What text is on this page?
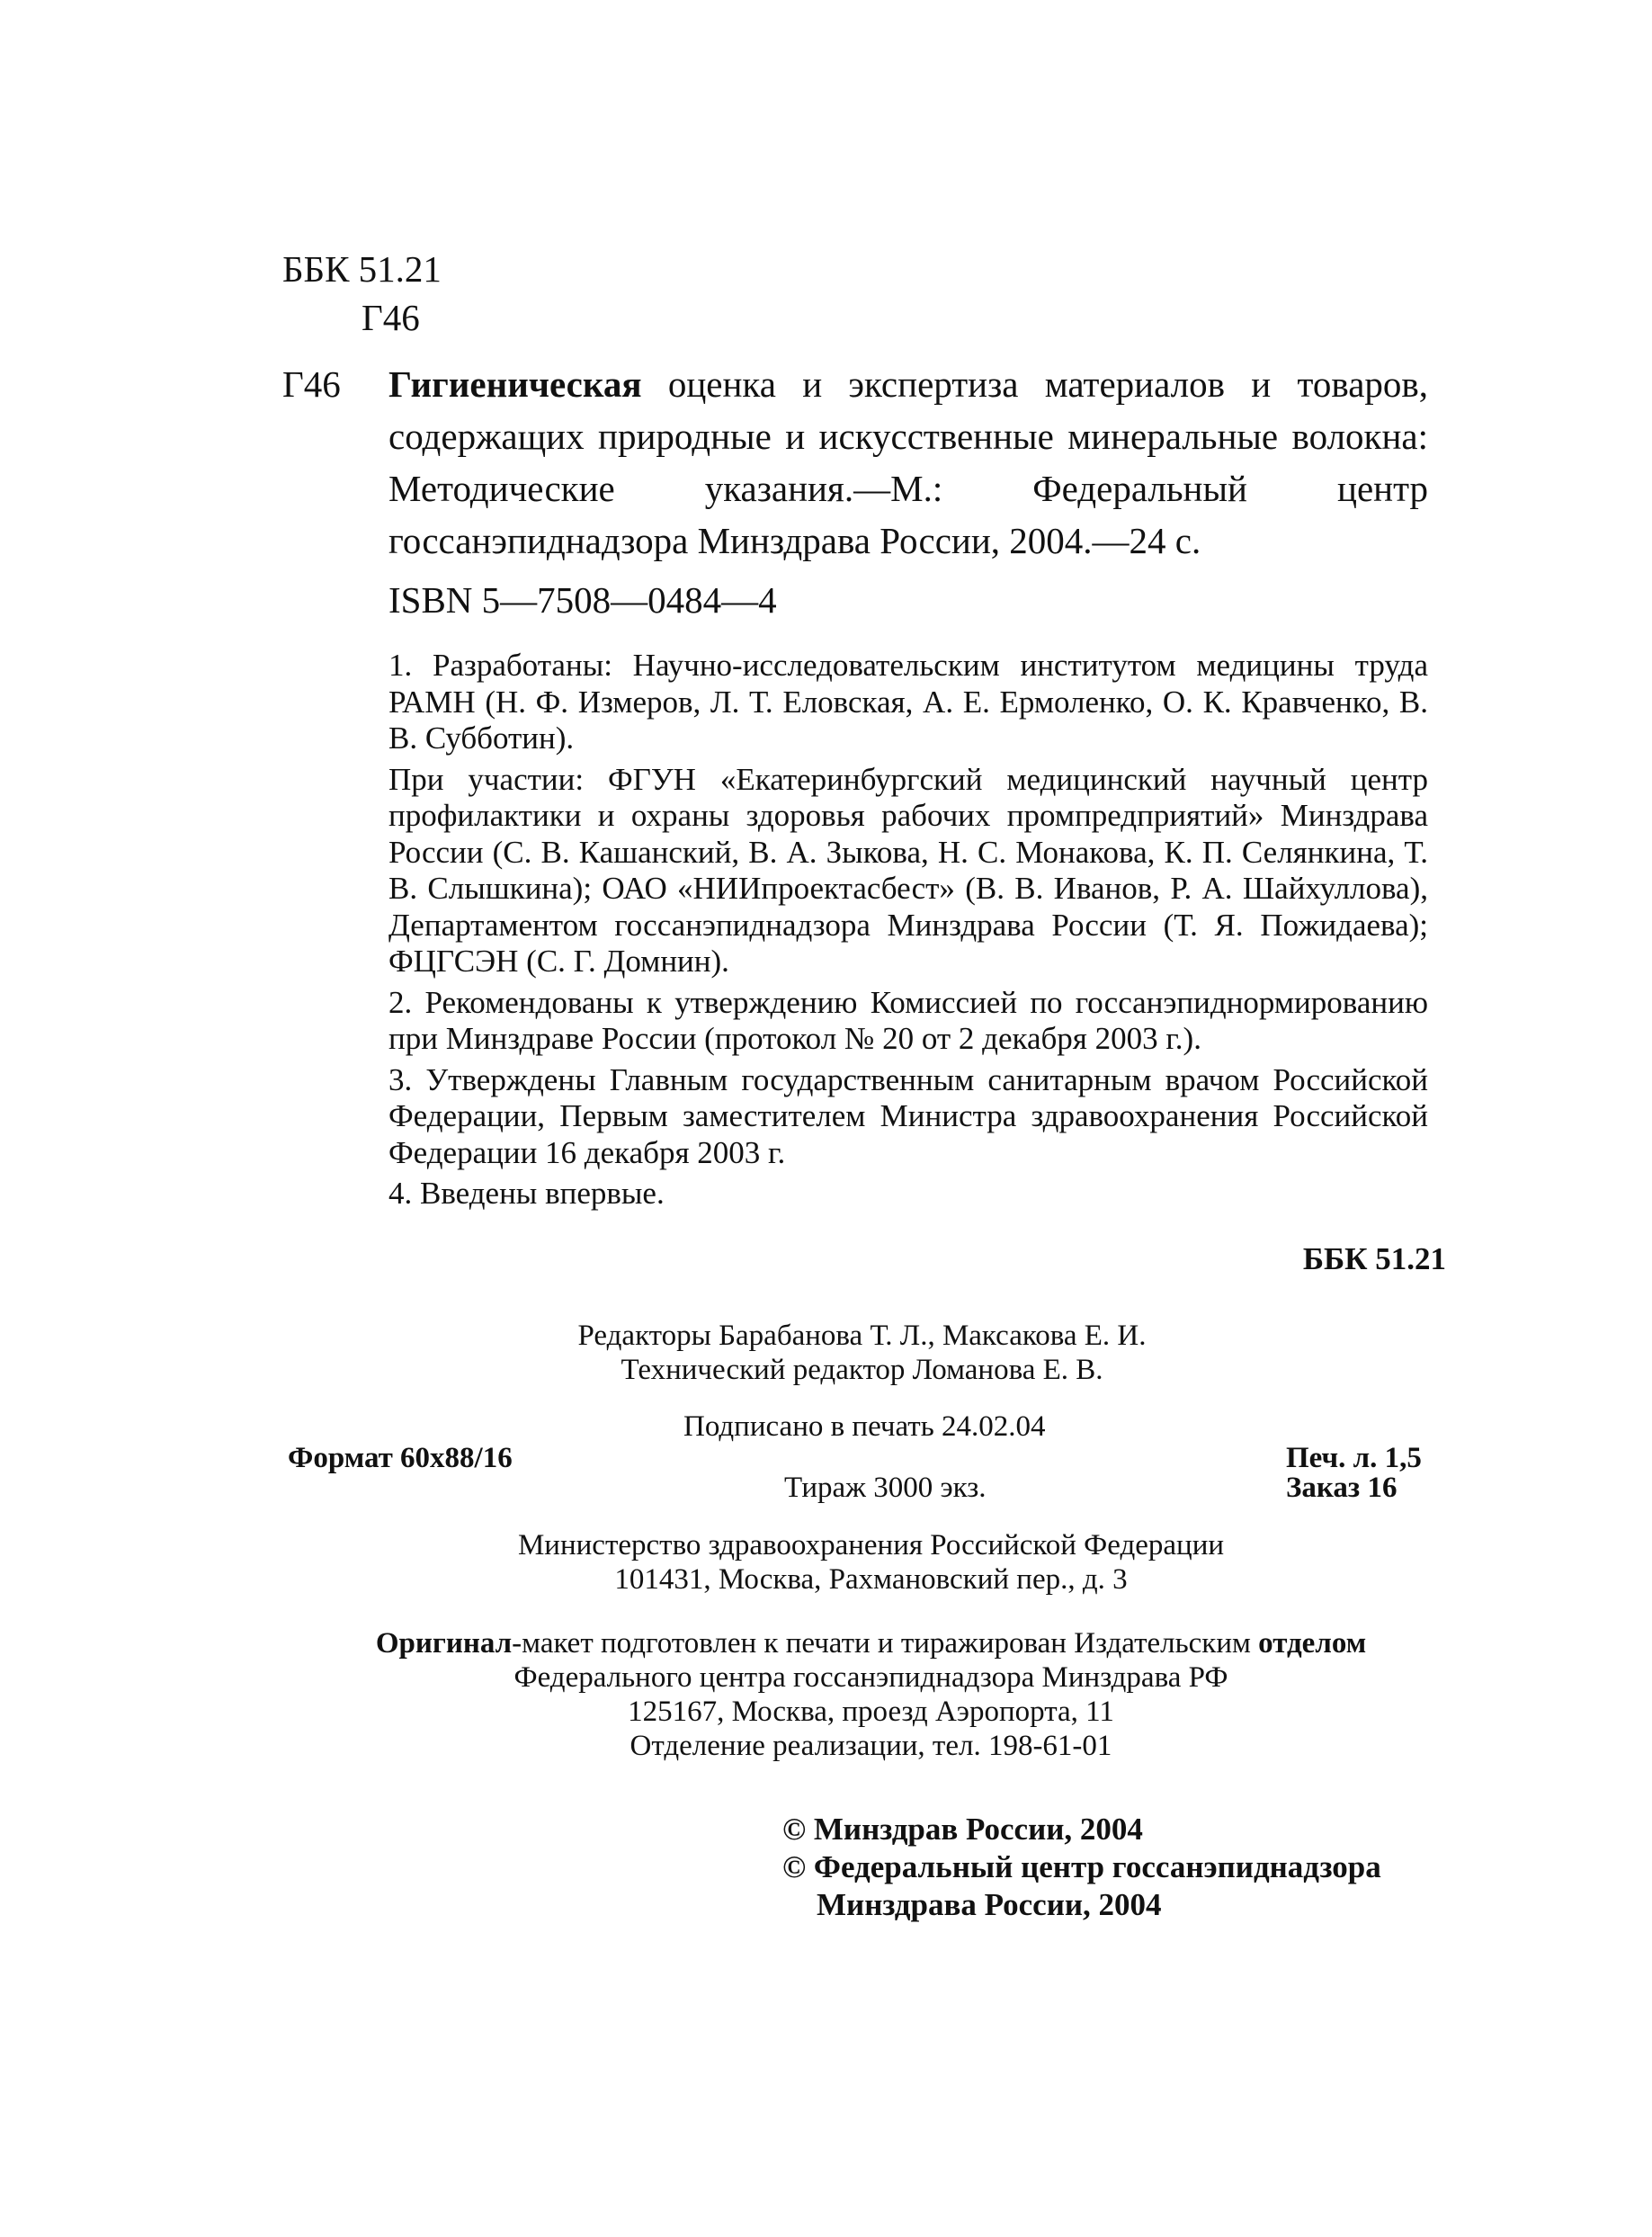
ББК 51.21
Г46
Г46 Гигиеническая оценка и экспертиза материалов и товаров, содержащих природные и искусственные минеральные волокна: Методические указания.—М.: Федеральный центр госсанэпиднадзора Минздрава России, 2004.—24 с.
ISBN 5—7508—0484—4

1. Разработаны: Научно-исследовательским институтом медицины труда РАМН (Н. Ф. Измеров, Л. Т. Еловская, А. Е. Ермоленко, О. К. Кравченко, В. В. Субботин).

При участии: ФГУН «Екатеринбургский медицинский научный центр профилактики и охраны здоровья рабочих промпредприятий» Минздрава России (С. В. Кашанский, В. А. Зыкова, Н. С. Монакова, К. П. Селянкина, Т. В. Слышкина); ОАО «НИИпроектасбест» (В. В. Иванов, Р. А. Шайхуллова), Департаментом госсанэпиднадзора Минздрава России (Т. Я. Пожидаева); ФЦГСЭН (С. Г. Домнин).

2. Рекомендованы к утверждению Комиссией по госсанэпиднормированию при Минздраве России (протокол № 20 от 2 декабря 2003 г.).

3. Утверждены Главным государственным санитарным врачом Российской Федерации, Первым заместителем Министра здравоохранения Российской Федерации 16 декабря 2003 г.

4. Введены впервые.

ББК 51.21
Редакторы Барабанова Т. Л., Максакова Е. И.
Технический редактор Ломанова Е. В.
Подписано в печать 24.02.04
Формат 60x88/16	Печ. л. 1,5
Тираж 3000 экз.	Заказ 16
Министерство здравоохранения Российской Федерации
101431, Москва, Рахмановский пер., д. 3
Оригинал-макет подготовлен к печати и тиражирован Издательским отделом
Федерального центра госсанэпиднадзора Минздрава РФ
125167, Москва, проезд Аэропорта, 11
Отделение реализации, тел. 198-61-01
© Минздрав России, 2004
© Федеральный центр госсанэпиднадзора
Минздрава России, 2004
